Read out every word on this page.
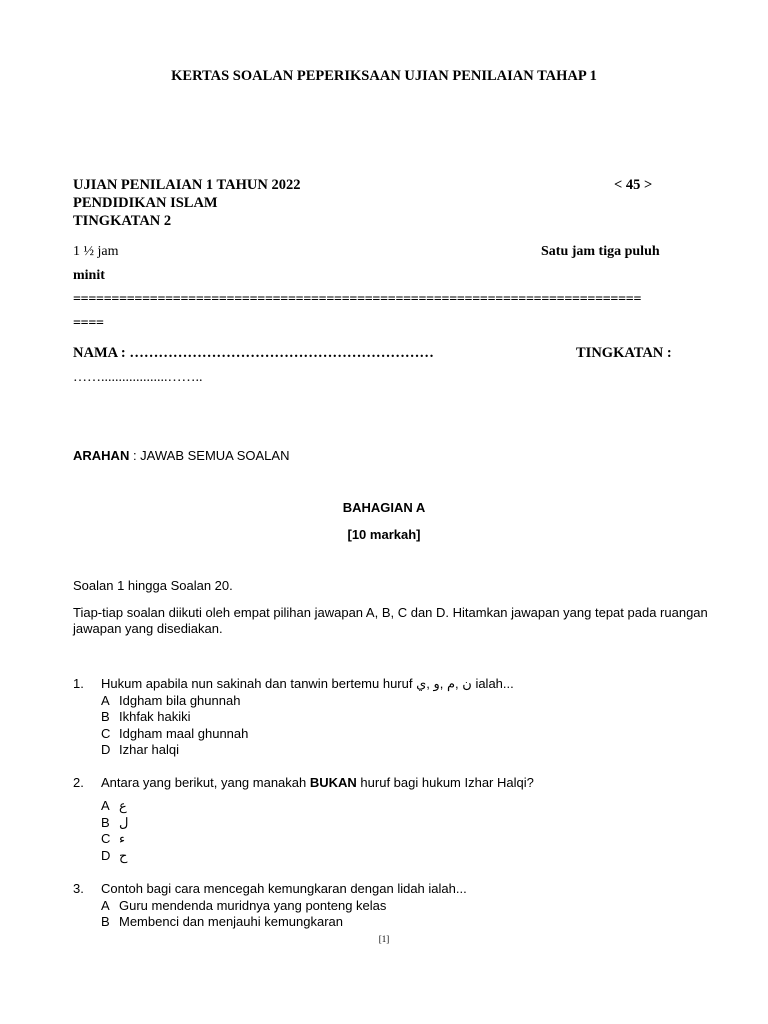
KERTAS SOALAN PEPERIKSAAN UJIAN PENILAIAN TAHAP 1
UJIAN PENILAIAN 1 TAHUN 2022	< 45 >
PENDIDIKAN ISLAM
TINGKATAN 2
1 ½ jam	Satu jam tiga puluh
minit
==========================================================================
====
NAMA : ………………………………………………………	TINGKATAN :
……...................……..
ARAHAN : JAWAB SEMUA SOALAN
BAHAGIAN A
[10 markah]
Soalan 1 hingga Soalan 20.
Tiap-tiap soalan diikuti oleh empat pilihan jawapan A, B, C dan D. Hitamkan jawapan yang tepat pada ruangan jawapan yang disediakan.
1. Hukum apabila nun sakinah dan tanwin bertemu huruf ن ,م ,و ,ي ialah...
A Idgham bila ghunnah
B Ikhfak hakiki
C Idgham maal ghunnah
D Izhar halqi
2. Antara yang berikut, yang manakah BUKAN huruf bagi hukum Izhar Halqi?
A ع
B ل
C ء
D ح
3. Contoh bagi cara mencegah kemungkaran dengan lidah ialah...
A Guru mendenda muridnya yang ponteng kelas
B Membenci dan menjauhi kemungkaran
[1]
